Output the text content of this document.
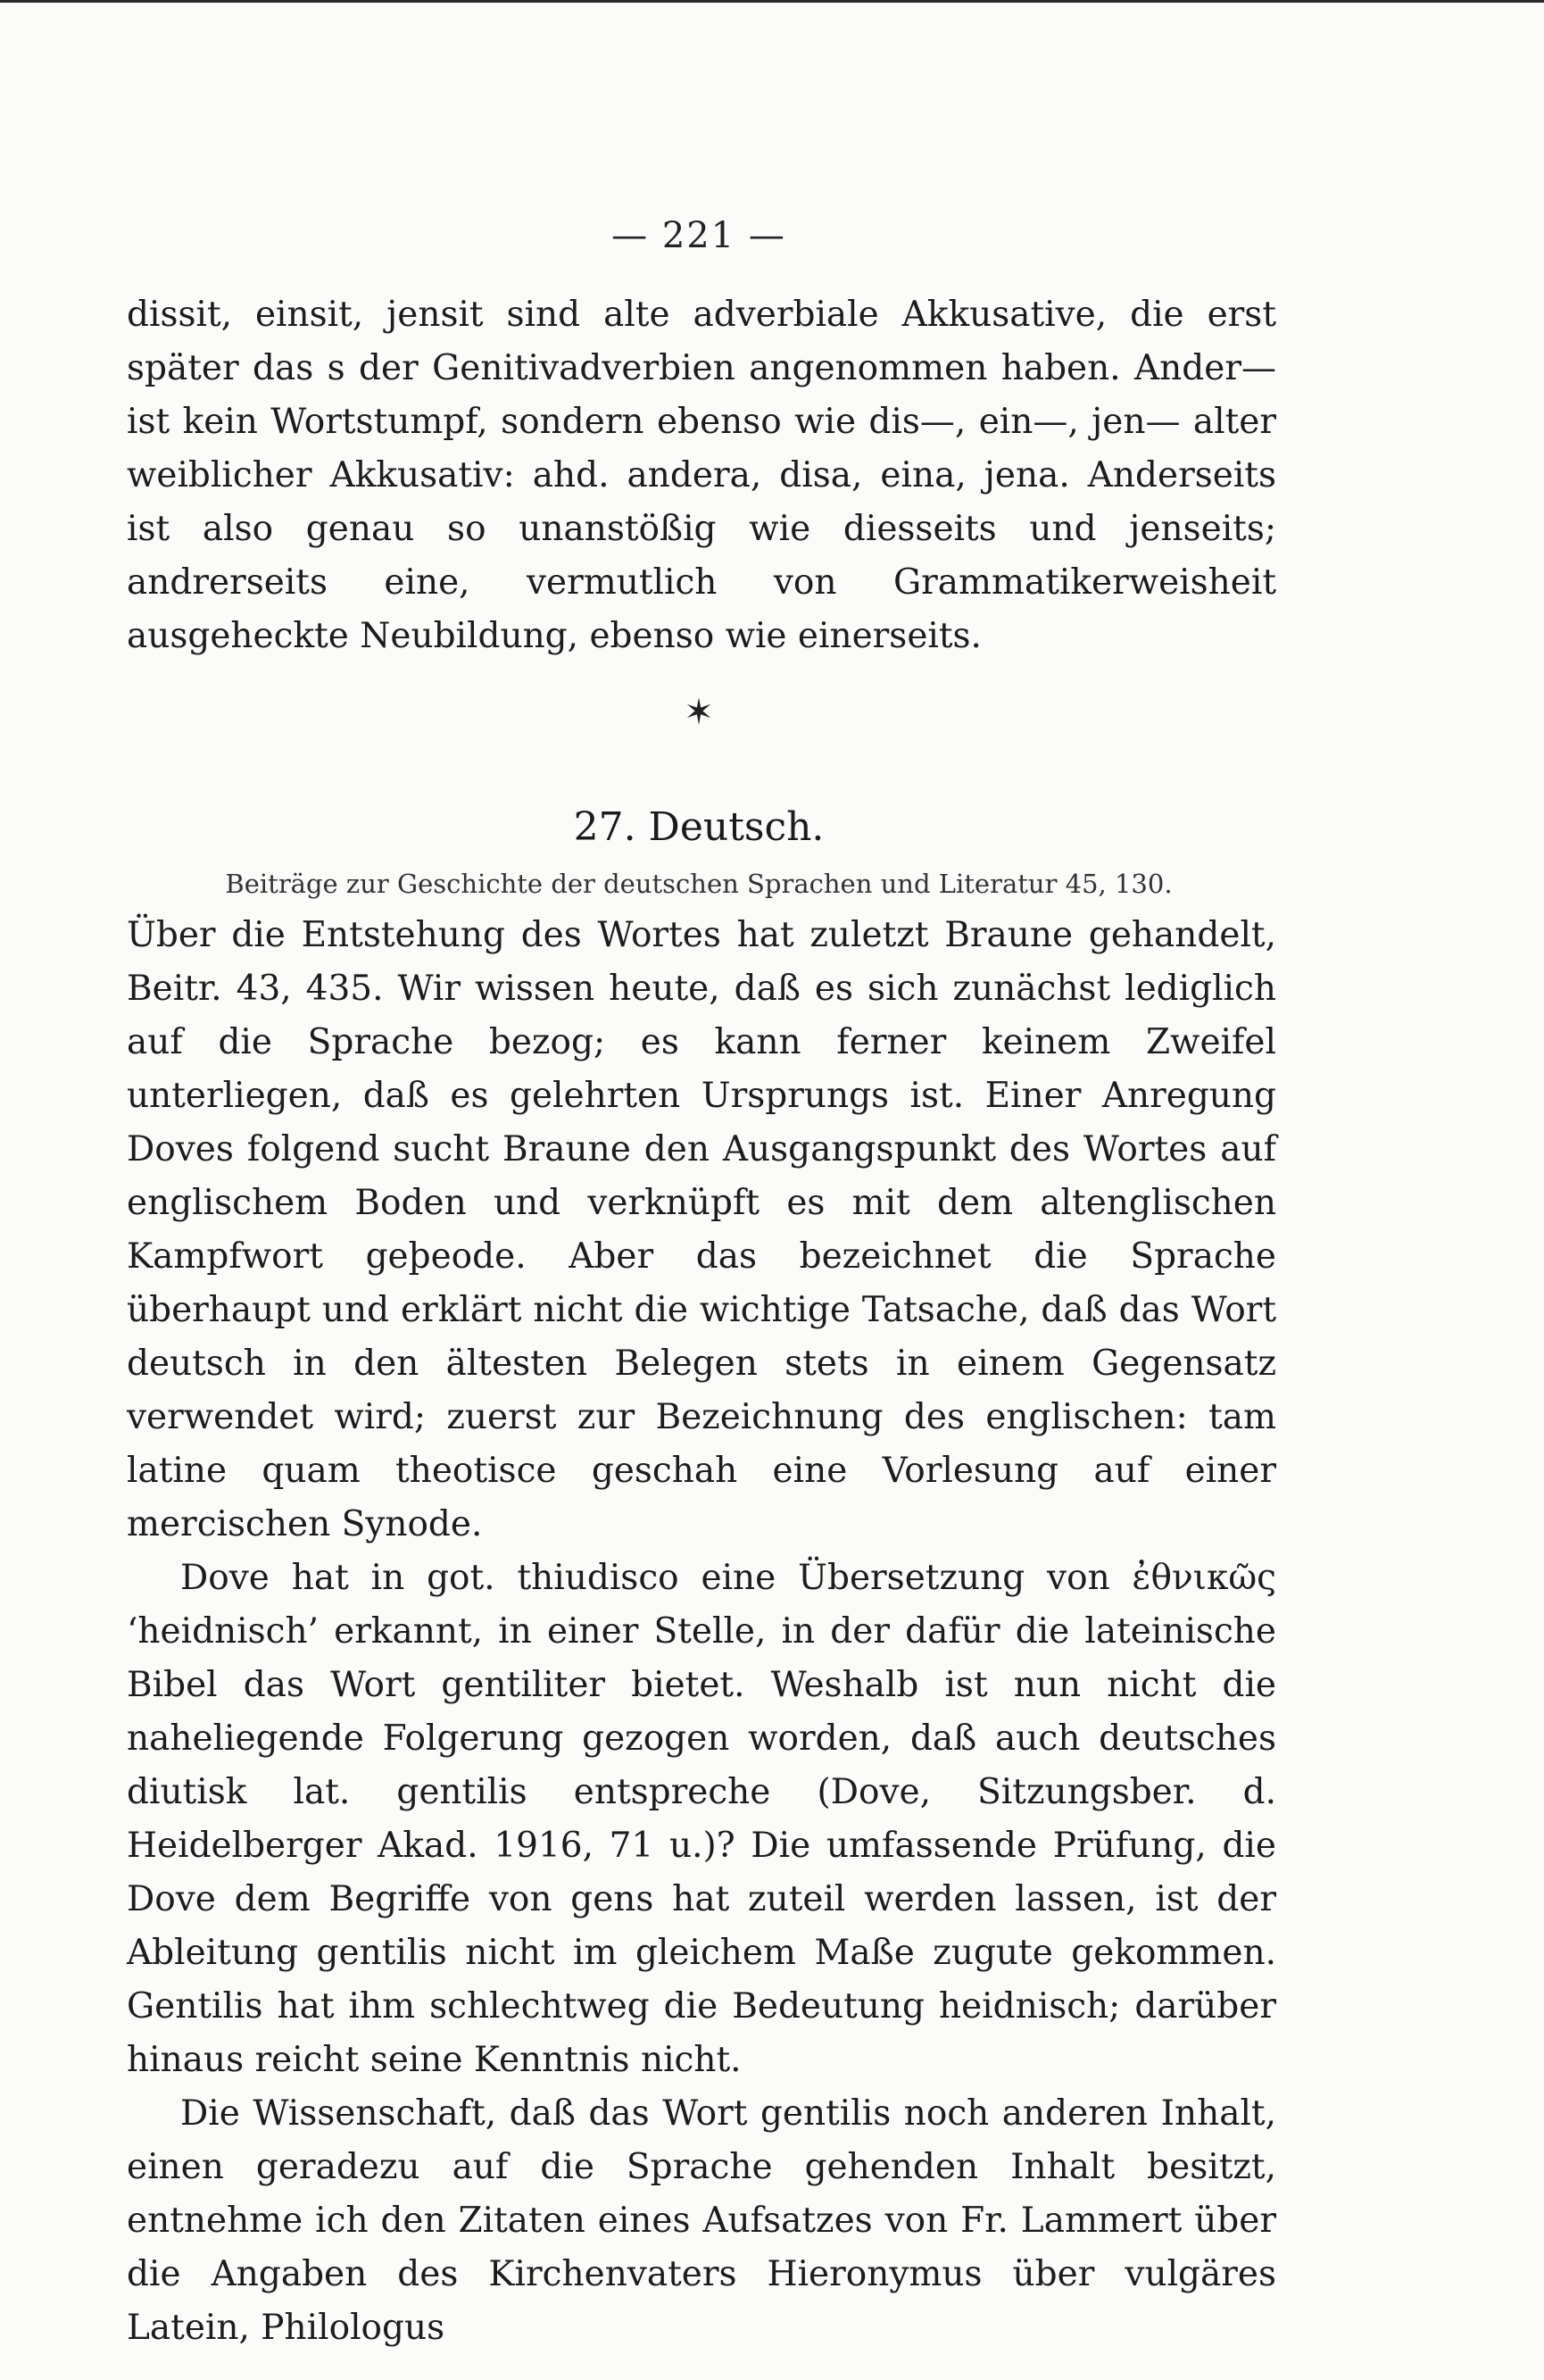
— 221 —

dissit, einsit, jensit sind alte adverbiale Akkusative, die erst später das s der Genitivadverbien angenommen haben. Ander— ist kein Wortstumpf, sondern ebenso wie dis—, ein—, jen— alter weiblicher Akkusativ: ahd. andera, disa, eina, jena. Anderseits ist also genau so unanstößig wie diesseits und jenseits; andrerseits eine, vermutlich von Grammatikerweisheit ausgeheckte Neubildung, ebenso wie einerseits.

✶
27. Deutsch.
Beiträge zur Geschichte der deutschen Sprachen und Literatur 45, 130.

Über die Entstehung des Wortes hat zuletzt Braune gehandelt, Beitr. 43, 435. Wir wissen heute, daß es sich zunächst lediglich auf die Sprache bezog; es kann ferner keinem Zweifel unterliegen, daß es gelehrten Ursprungs ist. Einer Anregung Doves folgend sucht Braune den Ausgangspunkt des Wortes auf englischem Boden und verknüpft es mit dem altenglischen Kampfwort geþeode. Aber das bezeichnet die Sprache überhaupt und erklärt nicht die wichtige Tatsache, daß das Wort deutsch in den ältesten Belegen stets in einem Gegensatz verwendet wird; zuerst zur Bezeichnung des englischen: tam latine quam theotisce geschah eine Vorlesung auf einer mercischen Synode.

Dove hat in got. thiudisco eine Übersetzung von ἐθνικῶς ‘heidnisch’ erkannt, in einer Stelle, in der dafür die lateinische Bibel das Wort gentiliter bietet. Weshalb ist nun nicht die naheliegende Folgerung gezogen worden, daß auch deutsches diutisk lat. gentilis entspreche (Dove, Sitzungsber. d. Heidelberger Akad. 1916, 71 u.)? Die umfassende Prüfung, die Dove dem Begriffe von gens hat zuteil werden lassen, ist der Ableitung gentilis nicht im gleichem Maße zugute gekommen. Gentilis hat ihm schlechtweg die Bedeutung heidnisch; darüber hinaus reicht seine Kenntnis nicht.

Die Wissenschaft, daß das Wort gentilis noch anderen Inhalt, einen geradezu auf die Sprache gehenden Inhalt besitzt, entnehme ich den Zitaten eines Aufsatzes von Fr. Lammert über die Angaben des Kirchenvaters Hieronymus über vulgäres Latein, Philologus
